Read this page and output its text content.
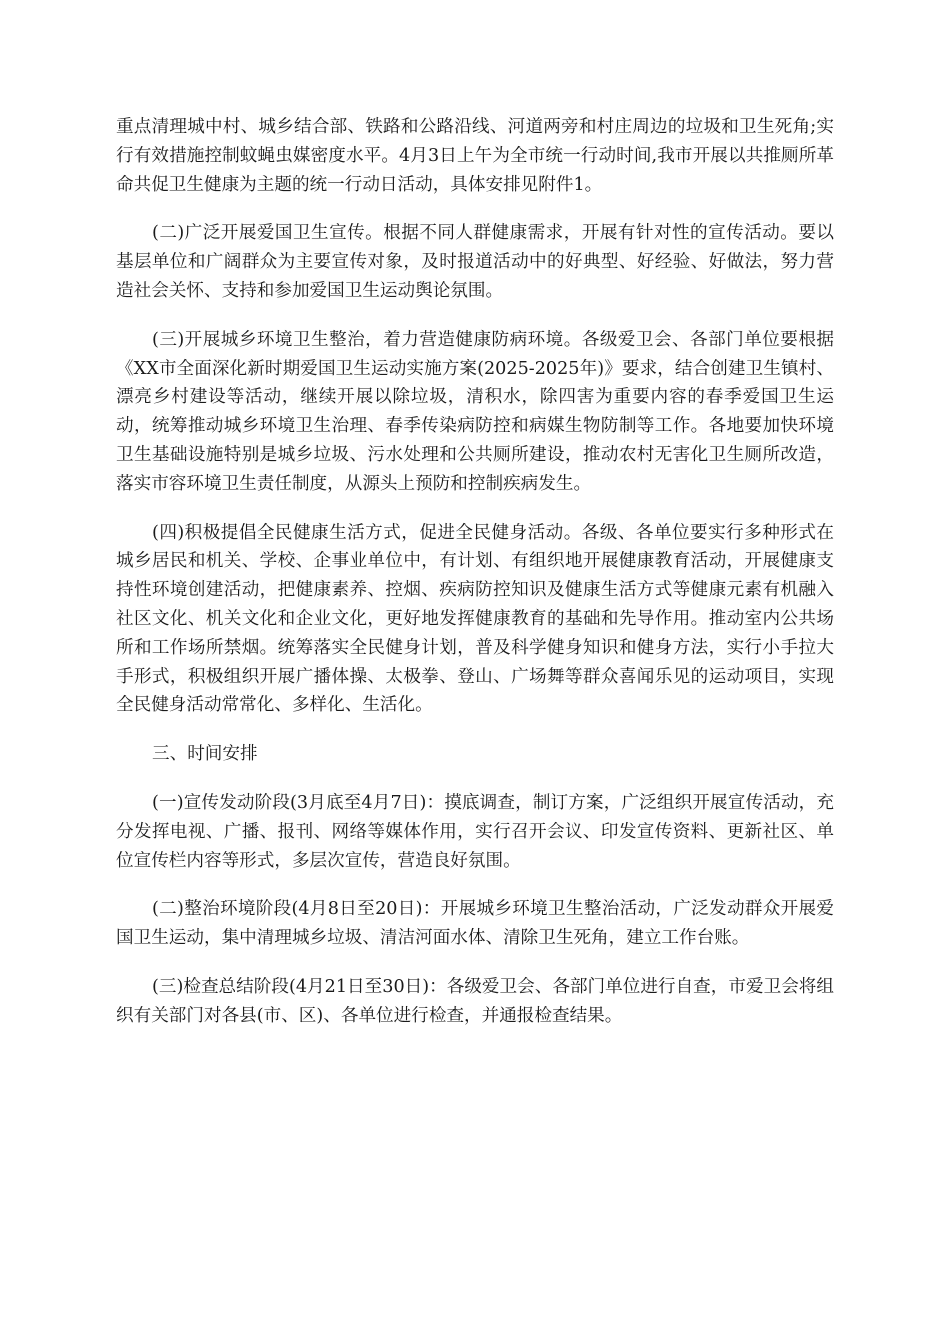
重点清理城中村、城乡结合部、铁路和公路沿线、河道两旁和村庄周边的垃圾和卫生死角;实行有效措施控制蚊蝇虫媒密度水平。4月3日上午为全市统一行动时间,我市开展以共推厕所革命共促卫生健康为主题的统一行动日活动，具体安排见附件1。

(二)广泛开展爱国卫生宣传。根据不同人群健康需求，开展有针对性的宣传活动。要以基层单位和广阔群众为主要宣传对象，及时报道活动中的好典型、好经验、好做法，努力营造社会关怀、支持和参加爱国卫生运动舆论氛围。

(三)开展城乡环境卫生整治，着力营造健康防病环境。各级爱卫会、各部门单位要根据《XX市全面深化新时期爱国卫生运动实施方案(2025-2025年)》要求，结合创建卫生镇村、漂亮乡村建设等活动，继续开展以除垃圾，清积水，除四害为重要内容的春季爱国卫生运动，统筹推动城乡环境卫生治理、春季传染病防控和病媒生物防制等工作。各地要加快环境卫生基础设施特别是城乡垃圾、污水处理和公共厕所建设，推动农村无害化卫生厕所改造，落实市容环境卫生责任制度，从源头上预防和控制疾病发生。

(四)积极提倡全民健康生活方式，促进全民健身活动。各级、各单位要实行多种形式在城乡居民和机关、学校、企事业单位中，有计划、有组织地开展健康教育活动，开展健康支持性环境创建活动，把健康素养、控烟、疾病防控知识及健康生活方式等健康元素有机融入社区文化、机关文化和企业文化，更好地发挥健康教育的基础和先导作用。推动室内公共场所和工作场所禁烟。统筹落实全民健身计划，普及科学健身知识和健身方法，实行小手拉大手形式，积极组织开展广播体操、太极拳、登山、广场舞等群众喜闻乐见的运动项目，实现全民健身活动常常化、多样化、生活化。

三、时间安排

(一)宣传发动阶段(3月底至4月7日)：摸底调查，制订方案，广泛组织开展宣传活动，充分发挥电视、广播、报刊、网络等媒体作用，实行召开会议、印发宣传资料、更新社区、单位宣传栏内容等形式，多层次宣传，营造良好氛围。

(二)整治环境阶段(4月8日至20日)：开展城乡环境卫生整治活动，广泛发动群众开展爱国卫生运动，集中清理城乡垃圾、清洁河面水体、清除卫生死角，建立工作台账。

(三)检查总结阶段(4月21日至30日)：各级爱卫会、各部门单位进行自查，市爱卫会将组织有关部门对各县(市、区)、各单位进行检查，并通报检查结果。
